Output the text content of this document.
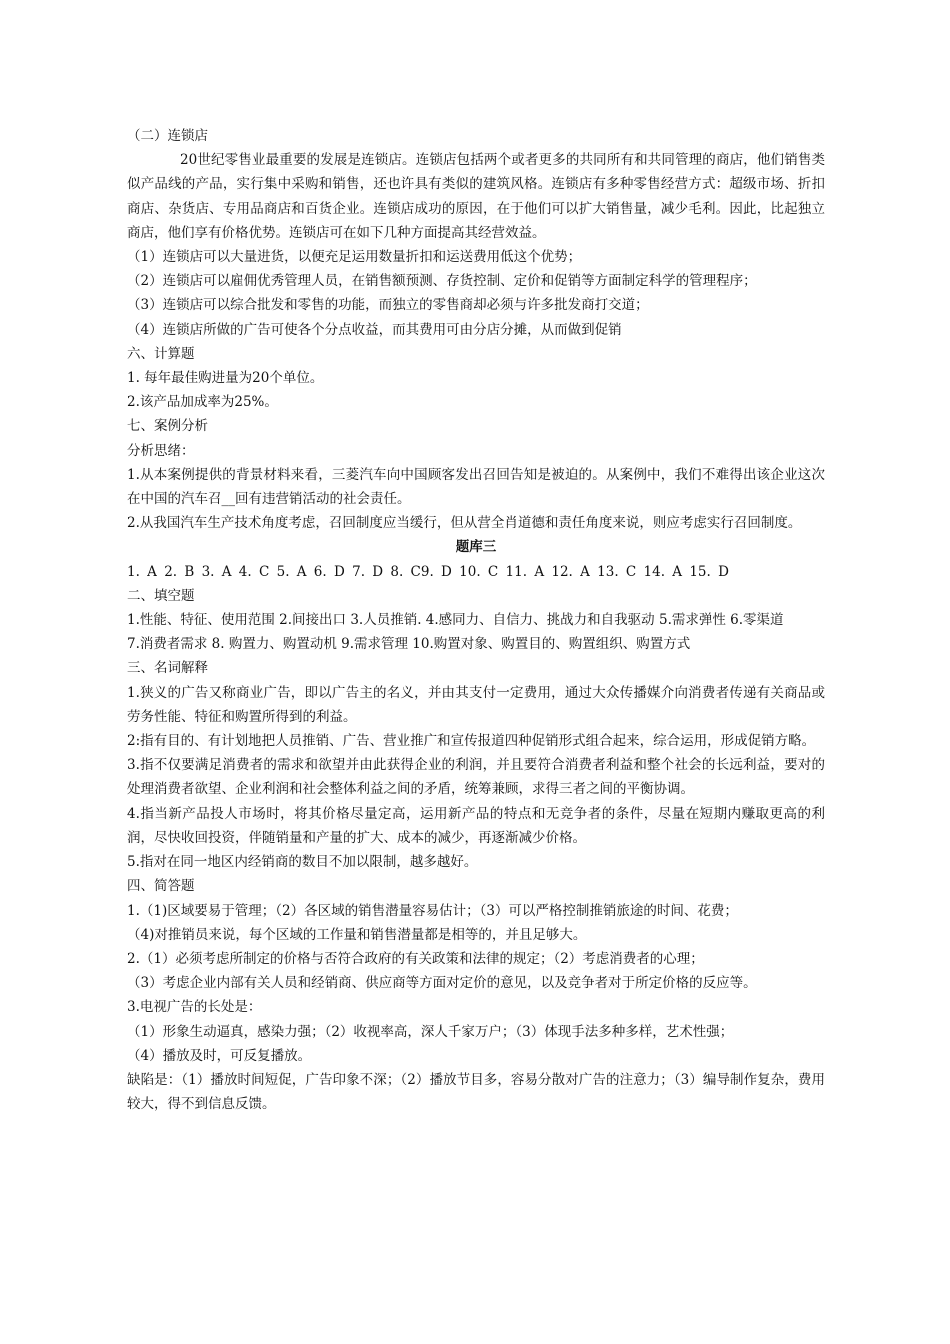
（二）连锁店
20世纪零售业最重要的发展是连锁店。连锁店包括两个或者更多的共同所有和共同管理的商店，他们销售类似产品线的产品，实行集中采购和销售，还也许具有类似的建筑风格。连锁店有多种零售经营方式：超级市场、折扣商店、杂货店、专用品商店和百货企业。连锁店成功的原因，在于他们可以扩大销售量，减少毛利。因此，比起独立商店，他们享有价格优势。连锁店可在如下几种方面提高其经营效益。
（1）连锁店可以大量进货，以便充足运用数量折扣和运送费用低这个优势；
（2）连锁店可以雇佣优秀管理人员，在销售额预测、存货控制、定价和促销等方面制定科学的管理程序；
（3）连锁店可以综合批发和零售的功能，而独立的零售商却必须与许多批发商打交道；
（4）连锁店所做的广告可使各个分点收益，而其费用可由分店分摊，从而做到促销
六、计算题
1. 每年最佳购进量为20个单位。
2.该产品加成率为25%。
七、案例分析
分析思绪：
1.从本案例提供的背景材料来看，三菱汽车向中国顾客发出召回告知是被迫的。从案例中，我们不难得出该企业这次在中国的汽车召__回有违营销活动的社会责任。
2.从我国汽车生产技术角度考虑，召回制度应当缓行，但从营全肖道德和责任角度来说，则应考虑实行召回制度。
题库三
1. A 2. B 3. A 4. C 5. A 6. D 7. D 8. C9. D 10. C 11. A 12. A 13. C 14. A 15. D
二、填空题
1.性能、特征、使用范围 2.间接出口 3.人员推销. 4.感同力、自信力、挑战力和自我驱动 5.需求弹性 6.零渠道
7.消费者需求 8. 购置力、购置动机 9.需求管理 10.购置对象、购置目的、购置组织、购置方式
三、名词解释
1.狭义的广告又称商业广告，即以广告主的名义，并由其支付一定费用，通过大众传播媒介向消费者传递有关商品或劳务性能、特征和购置所得到的利益。
2:指有目的、有计划地把人员推销、广告、营业推广和宣传报道四种促销形式组合起来，综合运用，形成促销方略。
3.指不仅要满足消费者的需求和欲望并由此获得企业的利润，并且要符合消费者利益和整个社会的长远利益，要对的处理消费者欲望、企业利润和社会整体利益之间的矛盾，统筹兼顾，求得三者之间的平衡协调。
4.指当新产品投人市场时，将其价格尽量定高，运用新产品的特点和无竞争者的条件，尽量在短期内赚取更高的利润，尽快收回投资，伴随销量和产量的扩大、成本的减少，再逐渐减少价格。
5.指对在同一地区内经销商的数目不加以限制，越多越好。
四、简答题
1.（1)区域要易于管理；（2）各区域的销售潜量容易估计；（3）可以严格控制推销旅途的时间、花费；
（4)对推销员来说，每个区域的工作量和销售潜量都是相等的，并且足够大。
2.（1）必须考虑所制定的价格与否符合政府的有关政策和法律的规定；（2）考虑消费者的心理；
（3）考虑企业内部有关人员和经销商、供应商等方面对定价的意见，以及竞争者对于所定价格的反应等。
3.电视广告的长处是：
（1）形象生动逼真，感染力强；（2）收视率高，深人千家万户；（3）体现手法多种多样，艺术性强；
（4）播放及时，可反复播放。
缺陷是：（1）播放时间短促，广告印象不深；（2）播放节目多，容易分散对广告的注意力；（3）编导制作复杂，费用较大，得不到信息反馈。
